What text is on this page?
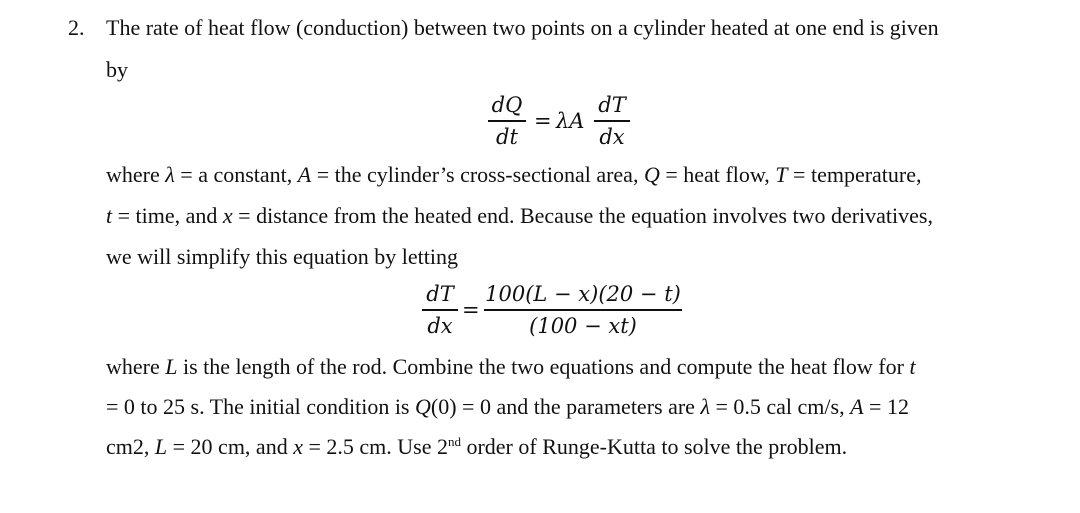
2. The rate of heat flow (conduction) between two points on a cylinder heated at one end is given
by
dQ
dt
= λA
dT
dx
where λ = a constant, A = the cylinder’s cross-sectional area, Q = heat flow, T = temperature,
t = time, and x = distance from the heated end. Because the equation involves two derivatives,
we will simplify this equation by letting
dT
dx
=
100(L − x)(20 − t)
(100 − xt)
where L is the length of the rod. Combine the two equations and compute the heat flow for t
= 0 to 25 s. The initial condition is Q(0) = 0 and the parameters are λ = 0.5 cal cm/s, A = 12
cm2, L = 20 cm, and x = 2.5 cm. Use 2nd order of Runge-Kutta to solve the problem.
